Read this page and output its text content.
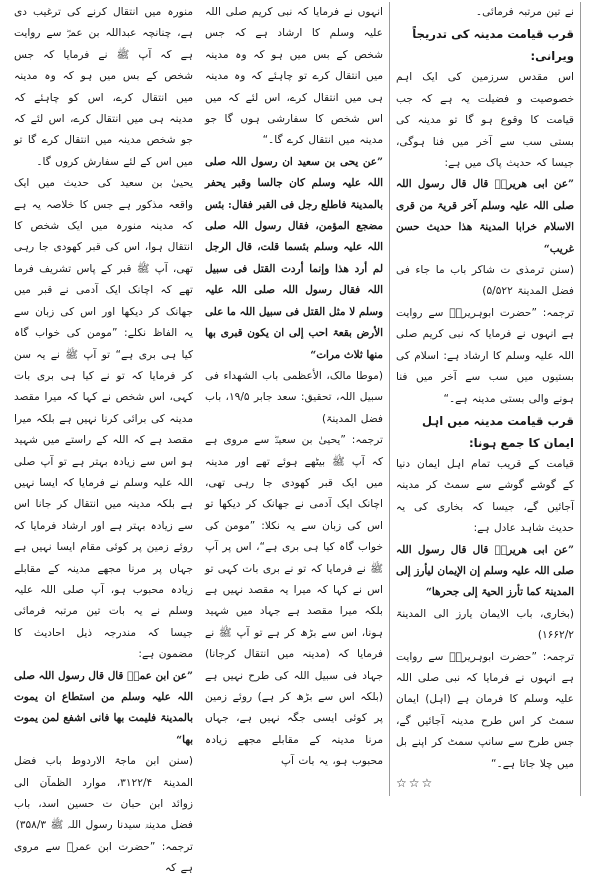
منورہ میں انتقال کرنے کی ترغیب دی ہے، چنانچہ عبداللہ بن عمرؓ سے روایت ہے کہ آپ ﷺ نے فرمایا کہ جس شخص کے بس میں ہو کہ وہ مدینہ میں انتقال کرے، اس کو چاہئے کہ مدینہ ہی میں انتقال کرے، اس لئے کہ جو شخص مدینہ میں انتقال کرے گا تو میں اس کے لئے سفارش کروں گا۔

یحییٰ بن سعید کی حدیث میں ایک واقعہ مذکور ہے جس کا خلاصہ یہ ہے کہ مدینہ منورہ میں ایک شخص کا انتقال ہوا، اس کی قبر کھودی جا رہی تھی، آپ ﷺ قبر کے پاس تشریف فرما تھے کہ اچانک ایک آدمی نے قبر میں جھانک کر دیکھا اور اس کی زبان سے یہ الفاظ نکلے: ”مومن کی خواب گاہ کیا ہی بری ہے“ تو آپ ﷺ نے یہ سن کر فرمایا کہ تو نے کیا ہی بری بات کہی، اس شخص نے کہا کہ میرا مقصد مدینہ کی برائی کرنا نہیں ہے بلکہ میرا مقصد ہے کہ اللہ کے راستے میں شہید ہو اس سے زیادہ بہتر ہے تو آپ صلی اللہ علیہ وسلم نے فرمایا کہ ایسا نہیں ہے بلکہ مدینہ میں انتقال کر جانا اس سے زیادہ بہتر ہے اور ارشاد فرمایا کہ روئے زمین پر کوئی مقام ایسا نہیں ہے جہاں پر مرنا مجھے مدینہ کے مقابلے زیادہ محبوب ہو، آپ صلی اللہ علیہ وسلم نے یہ بات تین مرتبہ فرمائی جیسا کہ مندرجہ ذیل احادیث کا مضمون ہے:

”عن ابن عمرؓ قال قال رسول اللہ صلی اللہ علیہ وسلم من استطاع ان یموت بالمدینۃ فلیمت بھا فانی اشفع لمن یموت بھا“

(سنن ابن ماجۃ الاردوط باب فضل المدینۃ ۳۱۲۲/۴، موارد الظمآن الی زوائد ابن حبان ت حسین اسد، باب فضل مدینۃ سیدنا رسول اللہ ﷺ ۳۵۸/۳)

ترجمہ: ”حضرت ابن عمرؓ سے مروی ہے کہ

انہوں نے فرمایا کہ نبی کریم صلی اللہ علیہ وسلم کا ارشاد ہے کہ جس شخص کے بس میں ہو کہ وہ مدینہ میں انتقال کرے تو چاہئے کہ وہ مدینہ ہی میں انتقال کرے، اس لئے کہ میں اس شخص کا سفارشی ہوں گا جو مدینہ میں انتقال کرے گا۔“

”عن یحی بن سعید ان رسول اللہ صلی اللہ علیہ وسلم کان جالسا وقبر یحفر بالمدینۃ فاطلع رجل فی القبر فقال: بئس مضجع المؤمن، فقال رسول اللہ صلی اللہ علیہ وسلم بئسما قلت، قال الرجل لم أرد ھذا وإنما أردت القتل فی سبیل اللہ فقال رسول اللہ صلی اللہ علیہ وسلم لا مثل القتل فی سبیل اللہ ما علی الأرض بقعۃ احب إلی ان یکون قبری بھا منھا ثلاث مرات“

(موطا مالک، الأعظمی باب الشھداء فی سبیل اللہ، تحقیق: سعد جابر ۱۹/۵، باب فضل المدینۃ)

ترجمہ: ”یحییٰ بن سعیدؓ سے مروی ہے کہ آپ ﷺ بیٹھے ہوئے تھے اور مدینہ میں ایک قبر کھودی جا رہی تھی، اچانک ایک آدمی نے جھانک کر دیکھا تو اس کی زبان سے یہ نکلا: ”مومن کی خواب گاہ کیا ہی بری ہے“، اس پر آپ ﷺ نے فرمایا کہ تو نے بری بات کہی تو اس نے کہا کہ میرا یہ مقصد نہیں ہے بلکہ میرا مقصد ہے جہاد میں شہید ہونا، اس سے بڑھ کر ہے تو آپ ﷺ نے فرمایا کہ (مدینہ میں انتقال کرجانا) جہاد فی سبیل اللہ کی طرح نہیں ہے (بلکہ اس سے بڑھ کر ہے) روئے زمین پر کوئی ایسی جگہ نہیں ہے، جہاں مرنا مدینہ کے مقابلے مجھے زیادہ محبوب ہو، یہ بات آپ

نے تین مرتبہ فرمائی۔

قرب قیامت مدینہ کی تدریجاً ویرانی:

اس مقدس سرزمین کی ایک اہم خصوصیت و فضیلت یہ ہے کہ جب قیامت کا وقوع ہو گا تو مدینہ کی بستی سب سے آخر میں فنا ہوگی، جیسا کہ حدیث پاک میں ہے:

”عن ابی ھریرۃؓ قال قال رسول اللہ صلی اللہ علیہ وسلم آخر قریۃ من قری الاسلام خرابا المدینۃ ھذا حدیث حسن غریب“

(سنن ترمذی ت شاکر باب ما جاء فی فضل المدینۃ ۵/۵۲۲)

ترجمہ: ”حضرت ابوہریرہؓ سے روایت ہے انہوں نے فرمایا کہ نبی کریم صلی اللہ علیہ وسلم کا ارشاد ہے: اسلام کی بستیوں میں سب سے آخر میں فنا ہونے والی بستی مدینہ ہے۔“

قرب قیامت مدینہ میں اہل ایمان کا جمع ہونا:

قیامت کے قریب تمام اہل ایمان دنیا کے گوشے گوشے سے سمٹ کر مدینہ آجائیں گے، جیسا کہ بخاری کی یہ حدیث شاہد عادل ہے:

”عن ابی ھریرۃؓ قال قال رسول اللہ صلی اللہ علیہ وسلم إن الإیمان لیأرز إلی المدینۃ کما تأرز الحیۃ إلی جحرھا“

(بخاری، باب الایمان یارز الی المدینۃ ۱۶۶۲/۲)

ترجمہ: ”حضرت ابوہریرہؓ سے روایت ہے انہوں نے فرمایا کہ نبی صلی اللہ علیہ وسلم کا فرمان ہے (اہل) ایمان سمٹ کر اس طرح مدینہ آجائیں گے، جس طرح سے سانپ سمٹ کر اپنے بل میں چلا جاتا ہے۔“

☆☆☆
